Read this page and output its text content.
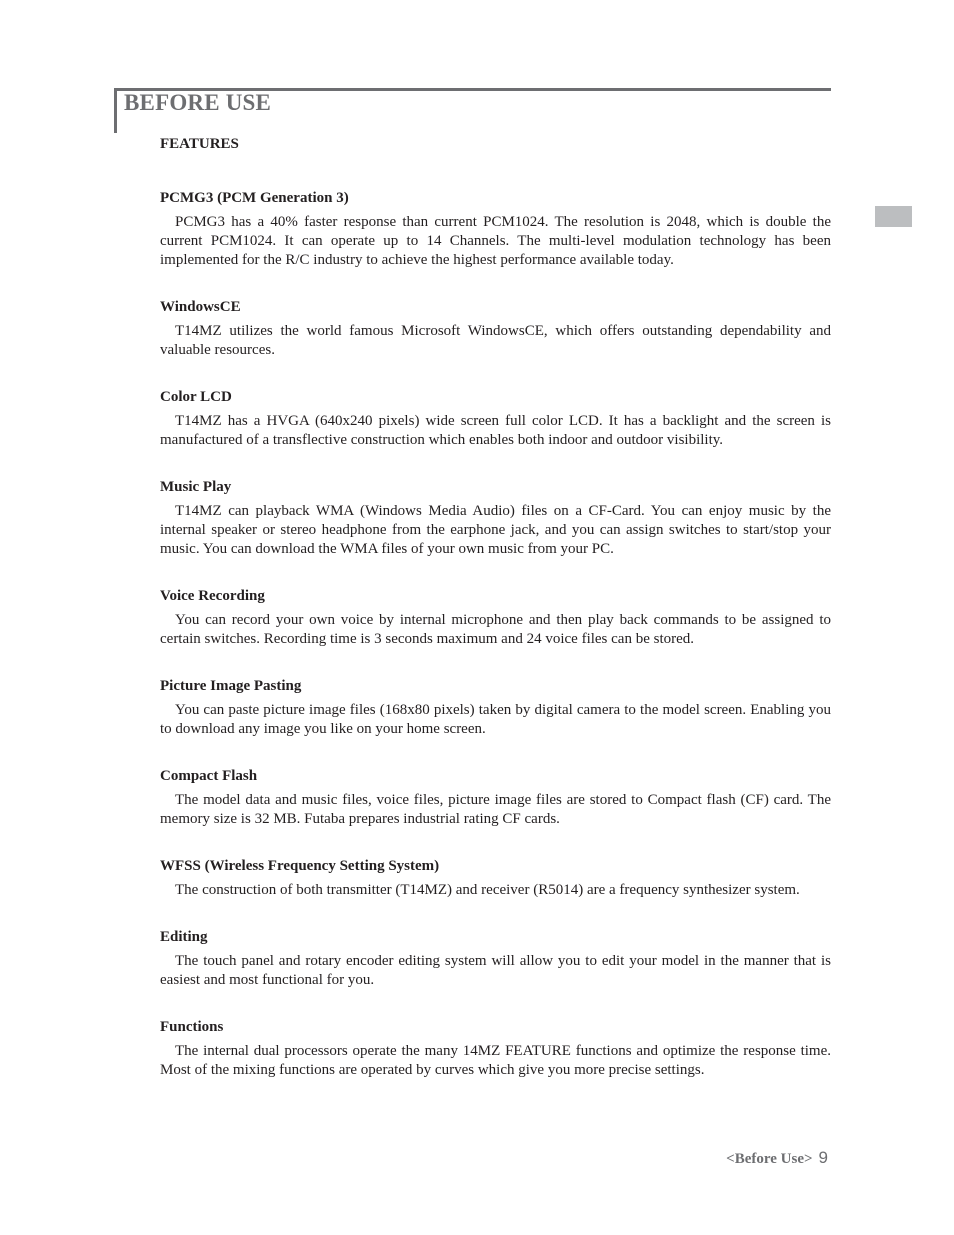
BEFORE USE
FEATURES
PCMG3 (PCM Generation 3)

PCMG3 has a 40% faster response than current PCM1024. The resolution is 2048, which is double the current PCM1024. It can operate up to 14 Channels. The multi-level modulation technology has been implemented for the R/C industry to achieve the highest performance available today.

WindowsCE

T14MZ utilizes the world famous Microsoft WindowsCE, which offers outstanding dependability and valuable resources.

Color LCD

T14MZ has a HVGA (640x240 pixels) wide screen full color LCD. It has a backlight and the screen is manufactured of a transflective construction which enables both indoor and outdoor visibility.

Music Play

T14MZ can playback WMA (Windows Media Audio) files on a CF-Card. You can enjoy music by the internal speaker or stereo headphone from the earphone jack, and you can assign switches to start/stop your music. You can download the WMA files of your own music from your PC.

Voice Recording

You can record your own voice by internal microphone and then play back commands to be assigned to certain switches. Recording time is 3 seconds maximum and 24 voice files can be stored.

Picture Image Pasting

You can paste picture image files (168x80 pixels) taken by digital camera to the model screen. Enabling you to download any image you like on your home screen.

Compact Flash

The model data and music files, voice files, picture image files are stored to Compact flash (CF) card. The memory size is 32 MB. Futaba prepares industrial rating CF cards.

WFSS (Wireless Frequency Setting System)

The construction of both transmitter (T14MZ) and receiver (R5014) are a frequency synthesizer system.

Editing

The touch panel and rotary encoder editing system will allow you to edit your model in the manner that is easiest and most functional for you.

Functions

The internal dual processors operate the many 14MZ FEATURE functions and optimize the response time. Most of the mixing functions are operated by curves which give you more precise settings.

<Before Use> 9
